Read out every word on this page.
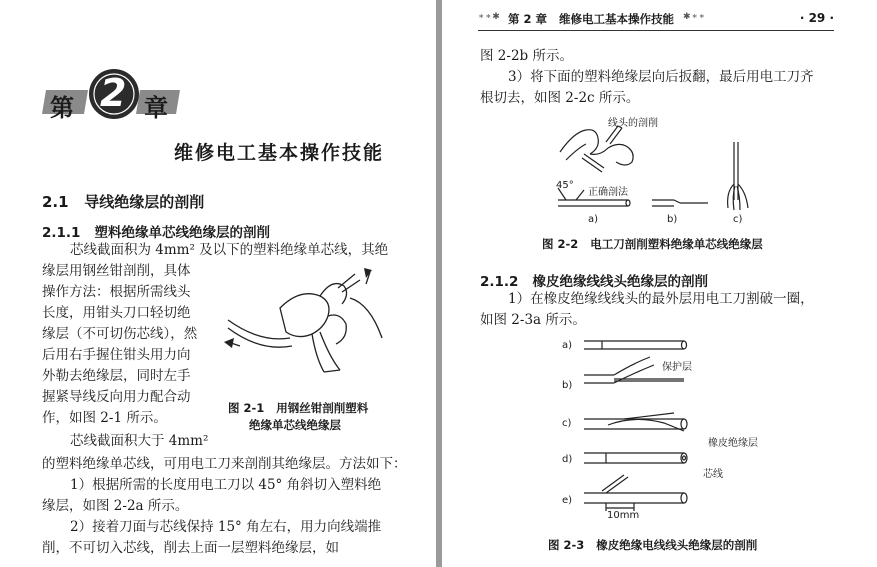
第 2 章
维修电工基本操作技能
2.1   导线绝缘层的剖削
2.1.1   塑料绝缘单芯线绝缘层的剖削
芯线截面积为 4mm² 及以下的塑料绝缘单芯线，其绝
缘层用钢丝钳剖削，具体
操作方法：根据所需线头
长度，用钳头刀口轻切绝
缘层（不可切伤芯线），然
后用右手握住钳头用力向
外勒去绝缘层，同时左手
握紧导线反向用力配合动
作，如图 2-1 所示。
图 2-1   用钢丝钳剖削塑料
绝缘单芯线绝缘层
芯线截面积大于 4mm²
的塑料绝缘单芯线，可用电工刀来剖削其绝缘层。方法如下：
1）根据所需的长度用电工刀以 45° 角斜切入塑料绝
缘层，如图 2-2a 所示。
2）接着刀面与芯线保持 15° 角左右，用力向线端推
削，不可切入芯线，削去上面一层塑料绝缘层，如
∗∗✱ 第 2 章   维修电工基本操作技能 ✱∗∗	· 29 ·
图 2-2b 所示。
3）将下面的塑料绝缘层向后扳翻，最后用电工刀齐
根切去，如图 2-2c 所示。
线头的剖削
45°
正确剖法
a)	b)	c)
图 2-2   电工刀剖削塑料绝缘单芯线绝缘层
2.1.2   橡皮绝缘线线头绝缘层的剖削
1）在橡皮绝缘线线头的最外层用电工刀割破一圈，
如图 2-3a 所示。
a)
b)
c)
d)
e)
保护层
橡皮绝缘层
芯线
10mm
图 2-3   橡皮绝缘电线线头绝缘层的剖削
